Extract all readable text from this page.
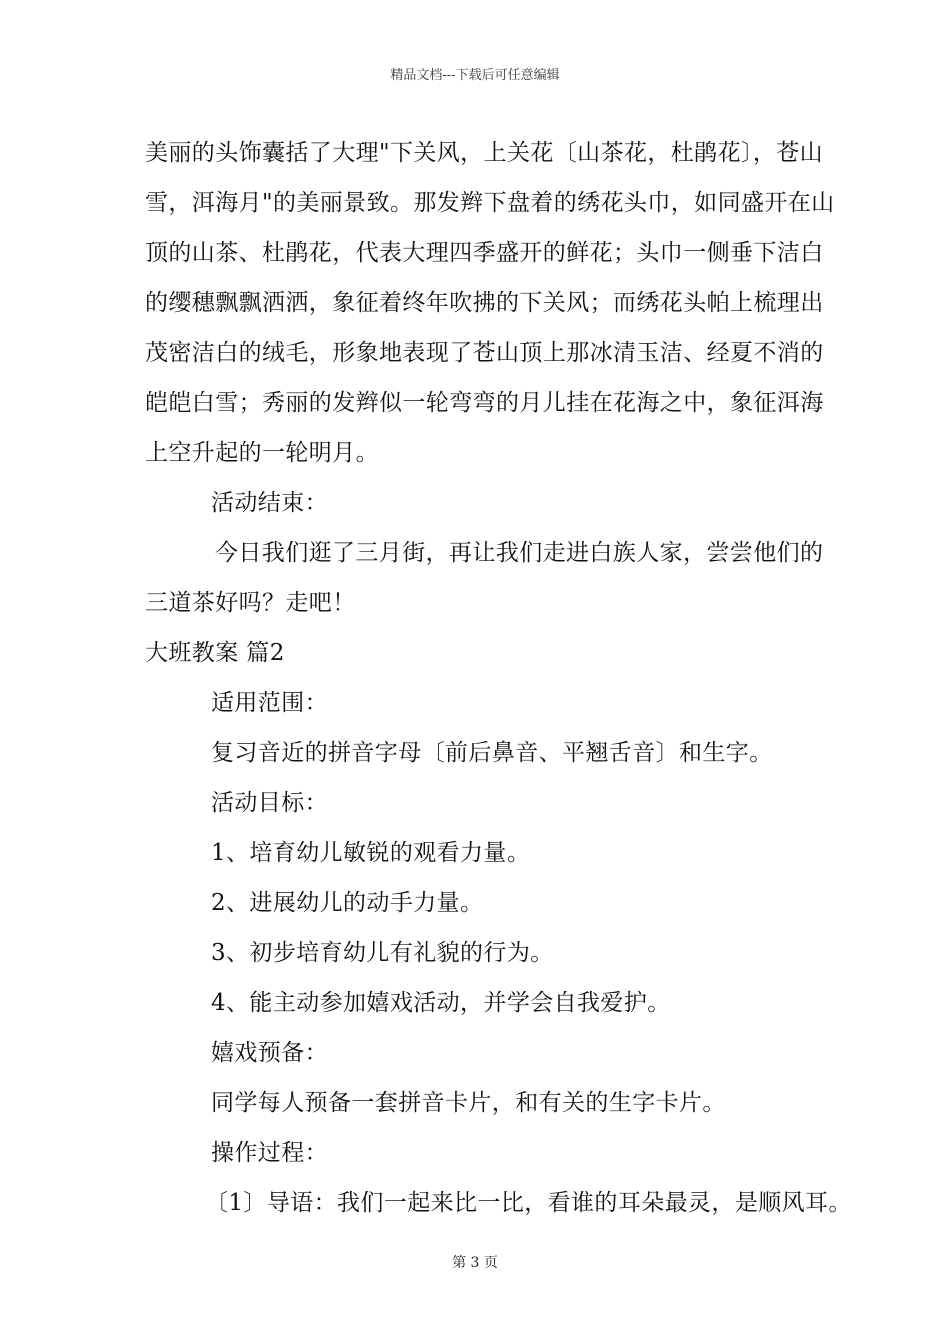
精品文档---下载后可任意编辑

美丽的头饰囊括了大理"下关风，上关花〔山茶花，杜鹃花〕，苍山

雪，洱海月"的美丽景致。那发辫下盘着的绣花头巾，如同盛开在山

顶的山茶、杜鹃花，代表大理四季盛开的鲜花；头巾一侧垂下洁白

的缨穗飘飘洒洒，象征着终年吹拂的下关风；而绣花头帕上梳理出

茂密洁白的绒毛，形象地表现了苍山顶上那冰清玉洁、经夏不消的

皑皑白雪；秀丽的发辫似一轮弯弯的月儿挂在花海之中，象征洱海

上空升起的一轮明月。

活动结束：

今日我们逛了三月街，再让我们走进白族人家，尝尝他们的

三道茶好吗？走吧！

大班教案 篇2

适用范围：

复习音近的拼音字母〔前后鼻音、平翘舌音〕和生字。

活动目标：

1、培育幼儿敏锐的观看力量。

2、进展幼儿的动手力量。

3、初步培育幼儿有礼貌的行为。

4、能主动参加嬉戏活动，并学会自我爱护。

嬉戏预备：

同学每人预备一套拼音卡片，和有关的生字卡片。

操作过程：

〔1〕导语：我们一起来比一比，看谁的耳朵最灵，是顺风耳。

第 3 页
